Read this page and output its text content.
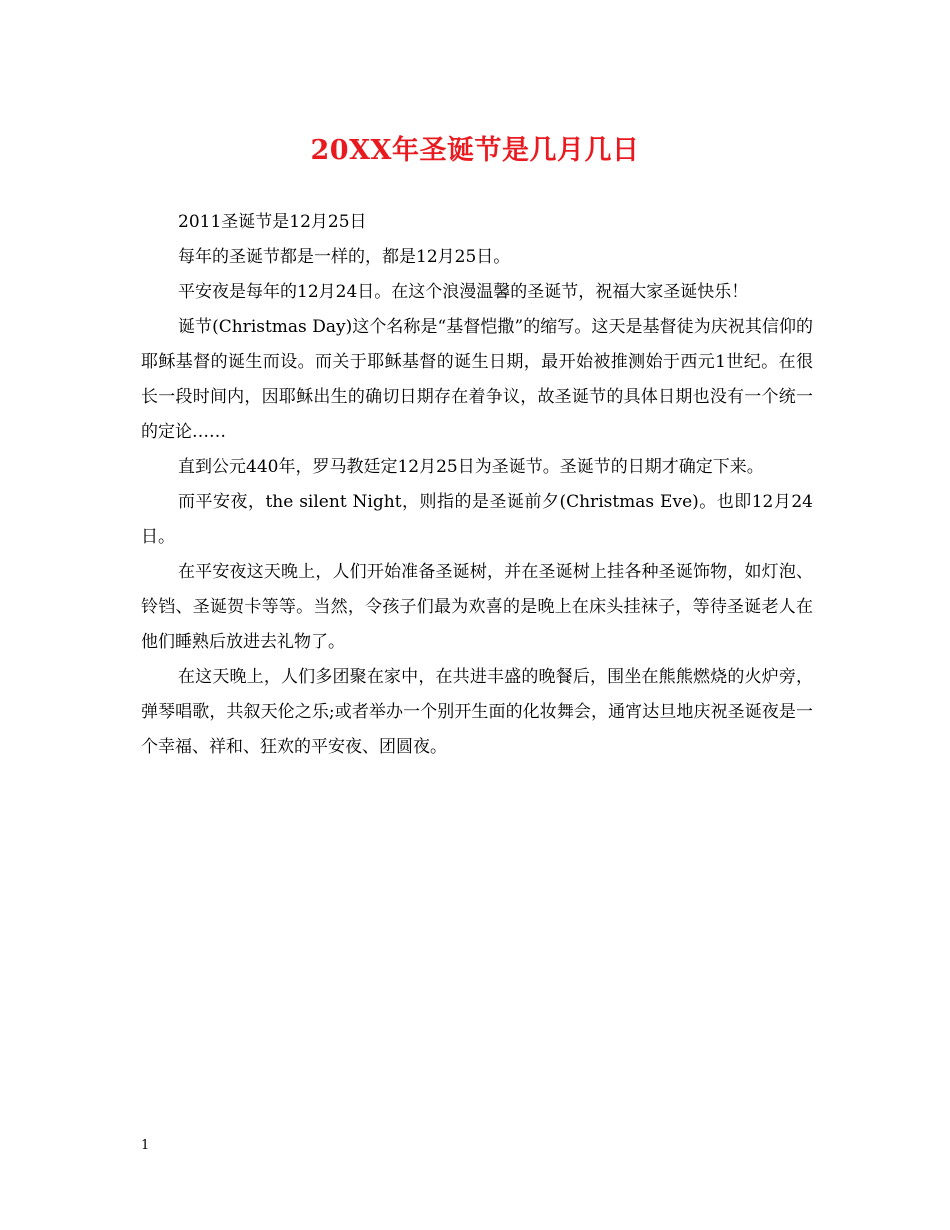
20XX年圣诞节是几月几日

2011圣诞节是12月25日

每年的圣诞节都是一样的，都是12月25日。

平安夜是每年的12月24日。在这个浪漫温馨的圣诞节，祝福大家圣诞快乐！

诞节(Christmas Day)这个名称是“基督恺撒”的缩写。这天是基督徒为庆祝其信仰的耶稣基督的诞生而设。而关于耶稣基督的诞生日期，最开始被推测始于西元1世纪。在很长一段时间内，因耶稣出生的确切日期存在着争议，故圣诞节的具体日期也没有一个统一的定论……

直到公元440年，罗马教廷定12月25日为圣诞节。圣诞节的日期才确定下来。

而平安夜，the silent Night，则指的是圣诞前夕(Christmas Eve)。也即12月24日。

在平安夜这天晚上，人们开始准备圣诞树，并在圣诞树上挂各种圣诞饰物，如灯泡、铃铛、圣诞贺卡等等。当然，令孩子们最为欢喜的是晚上在床头挂袜子，等待圣诞老人在他们睡熟后放进去礼物了。

在这天晚上，人们多团聚在家中，在共进丰盛的晚餐后，围坐在熊熊燃烧的火炉旁，弹琴唱歌，共叙天伦之乐;或者举办一个别开生面的化妆舞会，通宵达旦地庆祝圣诞夜是一个幸福、祥和、狂欢的平安夜、团圆夜。

1
